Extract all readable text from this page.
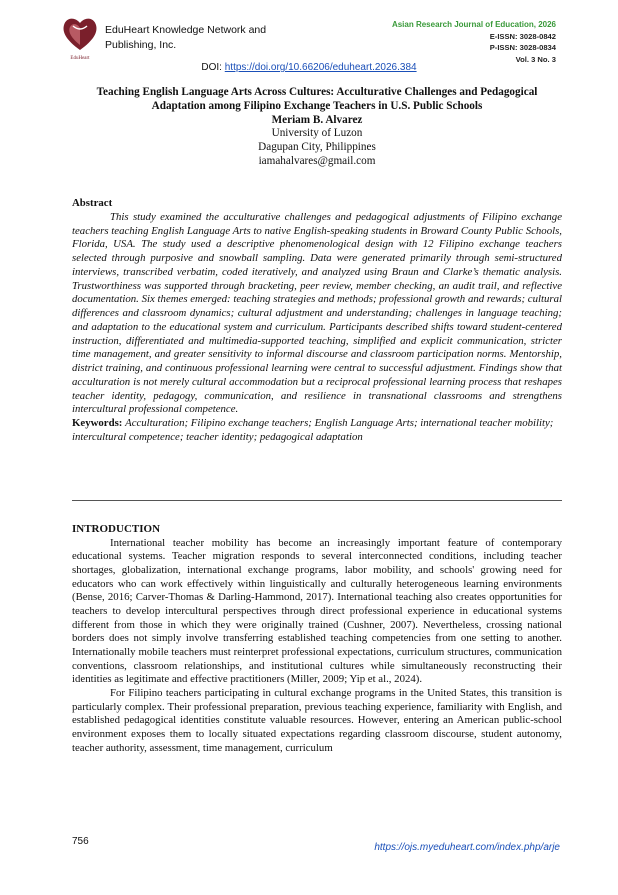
EduHeart
EduHeart Knowledge Network and Publishing, Inc.
Asian Research Journal of Education, 2026
E-ISSN: 3028-0842
P-ISSN: 3028-0834
Vol. 3 No. 3
DOI: https://doi.org/10.66206/eduheart.2026.384
Teaching English Language Arts Across Cultures: Acculturative Challenges and Pedagogical Adaptation among Filipino Exchange Teachers in U.S. Public Schools
Meriam B. Alvarez
University of Luzon
Dagupan City, Philippines
iamahalvares@gmail.com
Abstract

This study examined the acculturative challenges and pedagogical adjustments of Filipino exchange teachers teaching English Language Arts to native English-speaking students in Broward County Public Schools, Florida, USA. The study used a descriptive phenomenological design with 12 Filipino exchange teachers selected through purposive and snowball sampling. Data were generated primarily through semi-structured interviews, transcribed verbatim, coded iteratively, and analyzed using Braun and Clarke’s thematic analysis. Trustworthiness was supported through bracketing, peer review, member checking, an audit trail, and reflective documentation. Six themes emerged: teaching strategies and methods; professional growth and rewards; cultural differences and classroom dynamics; cultural adjustment and understanding; challenges in language teaching; and adaptation to the educational system and curriculum. Participants described shifts toward student-centered instruction, differentiated and multimedia-supported teaching, simplified and explicit communication, stricter time management, and greater sensitivity to informal discourse and classroom participation norms. Mentorship, district training, and continuous professional learning were central to successful adjustment. Findings show that acculturation is not merely cultural accommodation but a reciprocal professional learning process that reshapes teacher identity, pedagogy, communication, and resilience in transnational classrooms and strengthens intercultural professional competence.

Keywords: Acculturation; Filipino exchange teachers; English Language Arts; international teacher mobility; intercultural competence; teacher identity; pedagogical adaptation

INTRODUCTION

International teacher mobility has become an increasingly important feature of contemporary educational systems. Teacher migration responds to several interconnected conditions, including teacher shortages, globalization, international exchange programs, labor mobility, and schools' growing need for educators who can work effectively within linguistically and culturally heterogeneous learning environments (Bense, 2016; Carver-Thomas & Darling-Hammond, 2017). International teaching also creates opportunities for teachers to develop intercultural perspectives through direct professional experience in educational systems different from those in which they were originally trained (Cushner, 2007). Nevertheless, crossing national borders does not simply involve transferring established teaching competencies from one setting to another. Internationally mobile teachers must reinterpret professional expectations, curriculum structures, communication conventions, classroom relationships, and institutional cultures while simultaneously reconstructing their identities as legitimate and effective practitioners (Miller, 2009; Yip et al., 2024).

For Filipino teachers participating in cultural exchange programs in the United States, this transition is particularly complex. Their professional preparation, previous teaching experience, familiarity with English, and established pedagogical identities constitute valuable resources. However, entering an American public-school environment exposes them to locally situated expectations regarding classroom discourse, student autonomy, teacher authority, assessment, time management, curriculum

756
https://ojs.myeduheart.com/index.php/arje
